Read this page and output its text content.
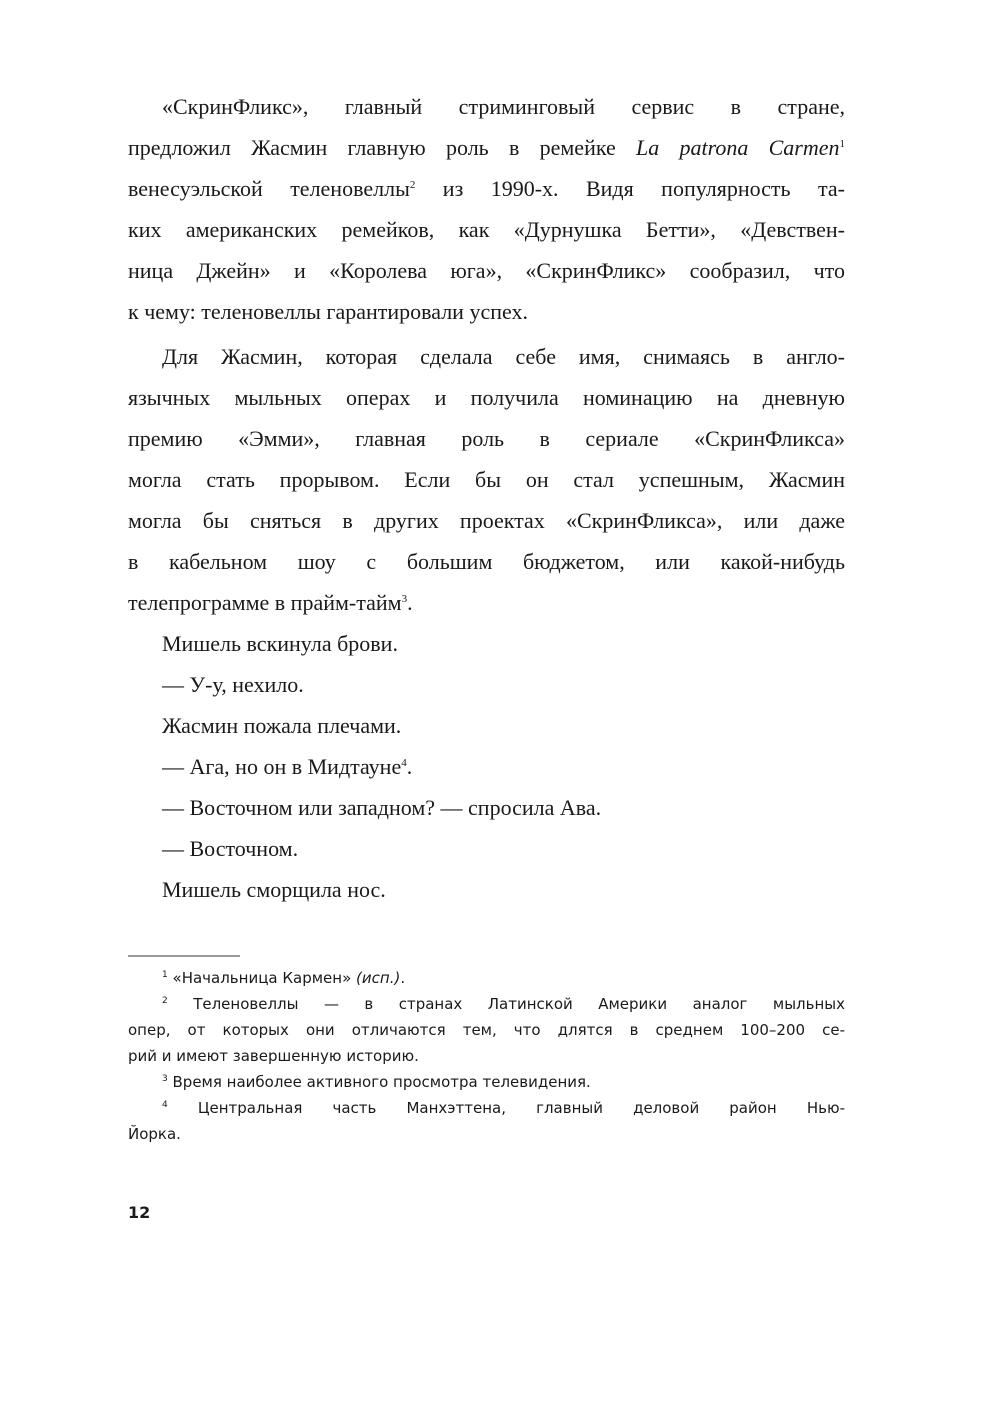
«СкринФликс», главный стриминговый сервис в стране,
предложил Жасмин главную роль в ремейке La patrona Carmen$^1$
венесуэльской теленовеллы$^2$ из 1990-х. Видя популярность та-
ких американских ремейков, как «Дурнушка Бетти», «Девствен-
ница Джейн» и «Королева юга», «СкринФликс» сообразил, что
к чему: теленовеллы гарантировали успех.
Для Жасмин, которая сделала себе имя, снимаясь в англо-
язычных мыльных операх и получила номинацию на дневную
премию «Эмми», главная роль в сериале «СкринФликса»
могла стать прорывом. Если бы он стал успешным, Жасмин
могла бы сняться в других проектах «СкринФликса», или даже
в кабельном шоу с большим бюджетом, или какой-нибудь
телепрограмме в прайм-тайм$^3$.
Мишель вскинула брови.
— У-у, нехило.
Жасмин пожала плечами.
— Ага, но он в Мидтауне$^4$.
— Восточном или западном? — спросила Ава.
— Восточном.
Мишель сморщила нос.
$^1$ «Начальница Кармен» (исп.).
$^2$ Теленовеллы — в странах Латинской Америки аналог мыльных
опер, от которых они отличаются тем, что длятся в среднем 100–200 се-
рий и имеют завершенную историю.
$^3$ Время наиболее активного просмотра телевидения.
$^4$ Центральная часть Манхэттена, главный деловой район Нью-
Йорка.
12
